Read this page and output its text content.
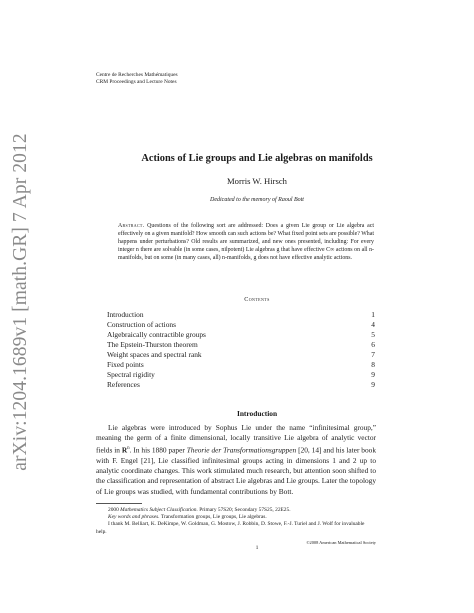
arXiv:1204.1689v1 [math.GR] 7 Apr 2012
Centre de Recherches Mathématiques
CRM Proceedings and Lecture Notes
Actions of Lie groups and Lie algebras on manifolds
Morris W. Hirsch
Dedicated to the memory of Raoul Bott
Abstract. Questions of the following sort are addressed: Does a given Lie group or Lie algebra act effectively on a given manifold? How smooth can such actions be? What fixed point sets are possible? What happens under perturbations? Old results are summarized, and new ones presented, including: For every integer n there are solvable (in some cases, nilpotent) Lie algebras g that have effective C∞ actions on all n-manifolds, but on some (in many cases, all) n-manifolds, g does not have effective analytic actions.
Contents
Introduction	1
Construction of actions	4
Algebraically contractible groups	5
The Epstein-Thurston theorem	6
Weight spaces and spectral rank	7
Fixed points	8
Spectral rigidity	9
References	9
Introduction
Lie algebras were introduced by Sophus Lie under the name “infinitesimal group,” meaning the germ of a finite dimensional, locally transitive Lie algebra of analytic vector fields in $R^n$. In his 1880 paper Theorie der Transformationsgruppen [20, 14] and his later book with F. Engel [21], Lie classified infinitesimal groups acting in dimensions 1 and 2 up to analytic coordinate changes. This work stimulated much research, but attention soon shifted to the classification and representation of abstract Lie algebras and Lie groups. Later the topology of Lie groups was studied, with fundamental contributions by Bott.

2000 Mathematics Subject Classification. Primary 57S20; Secondary 57S25, 22E25.

Key words and phrases. Transformation groups, Lie groups, Lie algebras.

I thank M. Belliart, K. DeKimpe, W. Goldman, G. Mostow, J. Robbin, D. Stowe, F.-J. Turiel and J. Wolf for invaluable help.

©2008 American Mathematical Society
1
